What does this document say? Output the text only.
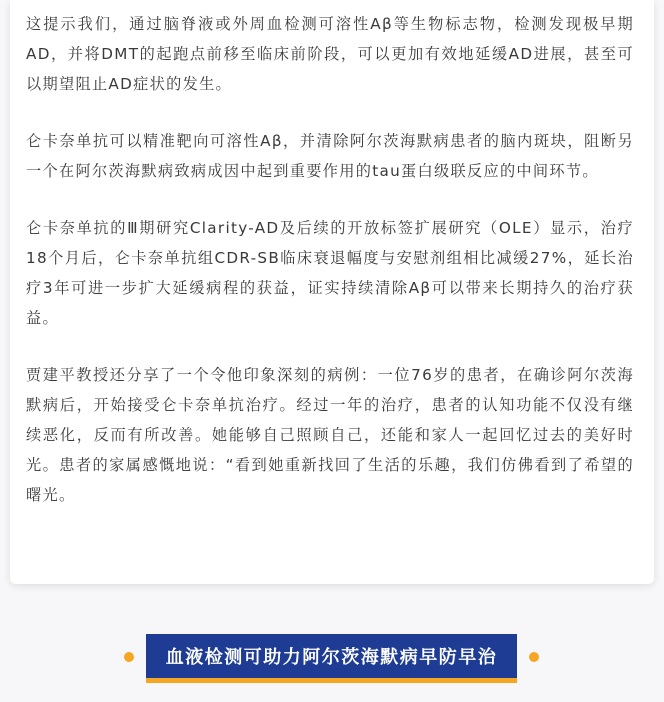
这提示我们，通过脑脊液或外周血检测可溶性Aβ等生物标志物，检测发现极早期AD，并将DMT的起跑点前移至临床前阶段，可以更加有效地延缓AD进展，甚至可以期望阻止AD症状的发生。

仑卡奈单抗可以精准靶向可溶性Aβ，并清除阿尔茨海默病患者的脑内斑块，阻断另一个在阿尔茨海默病致病成因中起到重要作用的tau蛋白级联反应的中间环节。

仑卡奈单抗的Ⅲ期研究Clarity-AD及后续的开放标签扩展研究（OLE）显示，治疗18个月后，仑卡奈单抗组CDR-SB临床衰退幅度与安慰剂组相比减缓27%，延长治疗3年可进一步扩大延缓病程的获益，证实持续清除Aβ可以带来长期持久的治疗获益。

贾建平教授还分享了一个令他印象深刻的病例：一位76岁的患者，在确诊阿尔茨海默病后，开始接受仑卡奈单抗治疗。经过一年的治疗，患者的认知功能不仅没有继续恶化，反而有所改善。她能够自己照顾自己，还能和家人一起回忆过去的美好时光。患者的家属感慨地说：“看到她重新找回了生活的乐趣，我们仿佛看到了希望的曙光。

血液检测可助力阿尔茨海默病早防早治
